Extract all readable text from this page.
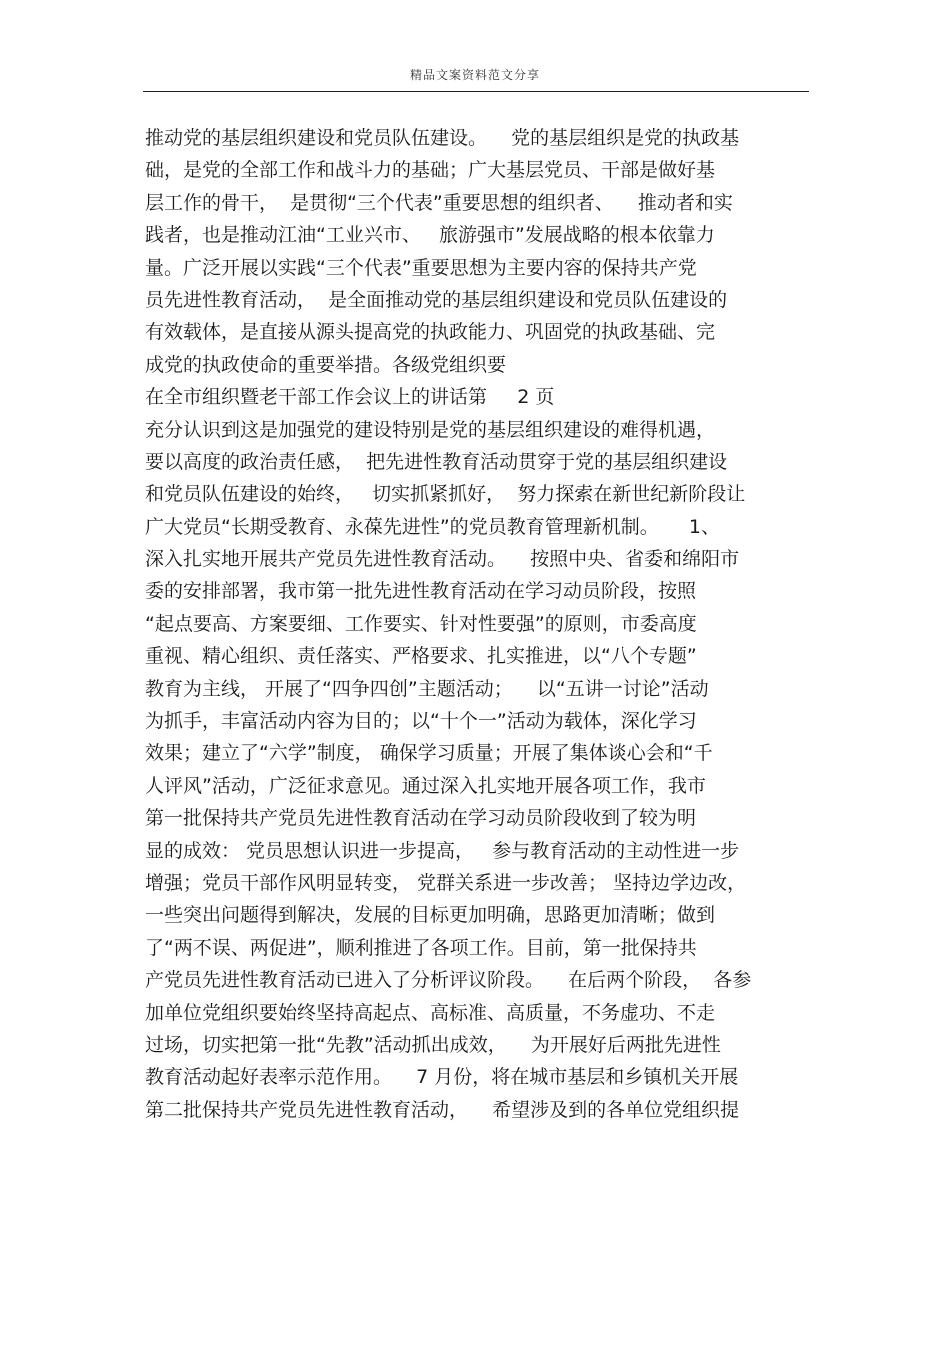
精品文案资料范文分享
推动党的基层组织建设和党员队伍建设。    党的基层组织是党的执政基
础，是党的全部工作和战斗力的基础；广大基层党员、干部是做好基
层工作的骨干，  是贯彻“三个代表”重要思想的组织者、    推动者和实
践者，也是推动江油“工业兴市、   旅游强市”发展战略的根本依靠力
量。广泛开展以实践“三个代表”重要思想为主要内容的保持共产党
员先进性教育活动，  是全面推动党的基层组织建设和党员队伍建设的
有效载体，是直接从源头提高党的执政能力、巩固党的执政基础、完
成党的执政使命的重要举措。各级党组织要
在全市组织暨老干部工作会议上的讲话第     2 页
充分认识到这是加强党的建设特别是党的基层组织建设的难得机遇，
要以高度的政治责任感，  把先进性教育活动贯穿于党的基层组织建设
和党员队伍建设的始终，   切实抓紧抓好，  努力探索在新世纪新阶段让
广大党员“长期受教育、永葆先进性”的党员教育管理新机制。     1、
深入扎实地开展共产党员先进性教育活动。    按照中央、省委和绵阳市
委的安排部署，我市第一批先进性教育活动在学习动员阶段，按照
“起点要高、方案要细、工作要实、针对性要强”的原则，市委高度
重视、精心组织、责任落实、严格要求、扎实推进，以“八个专题”
教育为主线， 开展了“四争四创”主题活动；    以“五讲一讨论”活动
为抓手，丰富活动内容为目的；以“十个一”活动为载体，深化学习
效果；建立了“六学”制度， 确保学习质量；开展了集体谈心会和“千
人评风”活动，广泛征求意见。通过深入扎实地开展各项工作，我市
第一批保持共产党员先进性教育活动在学习动员阶段收到了较为明
显的成效： 党员思想认识进一步提高，   参与教育活动的主动性进一步
增强；党员干部作风明显转变， 党群关系进一步改善； 坚持边学边改，
一些突出问题得到解决，发展的目标更加明确，思路更加清晰；做到
了“两不误、两促进”，顺利推进了各项工作。目前，第一批保持共
产党员先进性教育活动已进入了分析评议阶段。    在后两个阶段，  各参
加单位党组织要始终坚持高起点、高标准、高质量，不务虚功、不走
过场，切实把第一批“先教”活动抓出成效，    为开展好后两批先进性
教育活动起好表率示范作用。    7 月份，将在城市基层和乡镇机关开展
第二批保持共产党员先进性教育活动，    希望涉及到的各单位党组织提
